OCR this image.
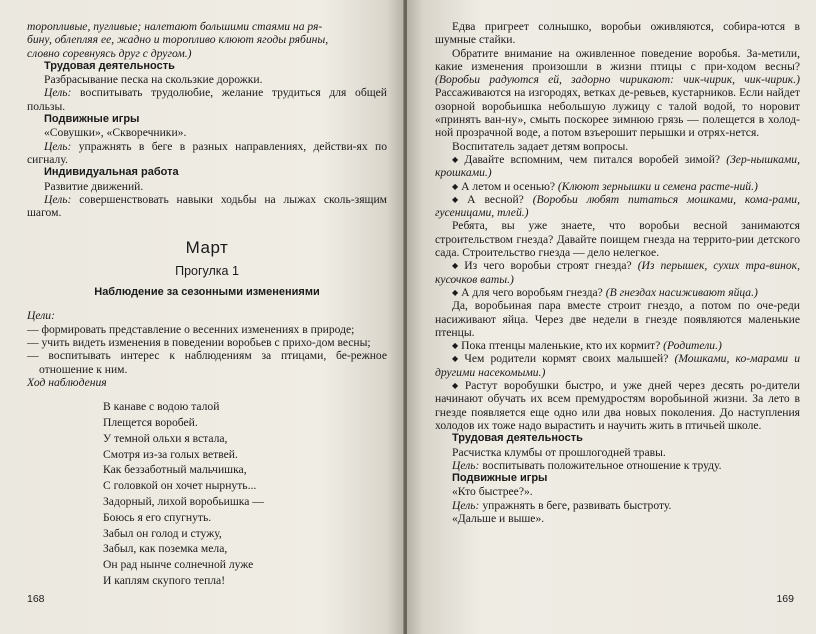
торопливые, пугливые; налетают большими стаями на ря-

бину, облепляя ее, жадно и торопливо клюют ягоды рябины,

словно соревнуясь друг с другом.)

Трудовая деятельность

Разбрасывание песка на скользкие дорожки.

Цель: воспитывать трудолюбие, желание трудиться для общей пользы.

Подвижные игры

«Совушки», «Скворечники».

Цель: упражнять в беге в разных направлениях, действи-ях по сигналу.

Индивидуальная работа

Развитие движений.

Цель: совершенствовать навыки ходьбы на лыжах сколь-зящим шагом.

Март
Прогулка 1
Наблюдение за сезонными изменениями

Цели:

— формировать представление о весенних изменениях в природе;

— учить видеть изменения в поведении воробьев с прихо-дом весны;

— воспитывать интерес к наблюдениям за птицами, бе-режное отношение к ним.

Ход наблюдения

В канаве с водою талой
Плещется воробей.
У темной ольхи я встала,
Смотря из-за голых ветвей.
Как беззаботный мальчишка,
С головкой он хочет нырнуть...
Задорный, лихой воробьишка —
Боюсь я его спугнуть.
Забыл он голод и стужу,
Забыл, как поземка мела,
Он рад нынче солнечной луже
И каплям скупого тепла!
168

Едва пригреет солнышко, воробьи оживляются, собира-ются в шумные стайки.

Обратите внимание на оживленное поведение воробья. За-метили, какие изменения произошли в жизни птицы с при-ходом весны? (Воробьи радуются ей, задорно чирикают: чик-чирик, чик-чирик.) Рассаживаются на изгородях, ветках де-ревьев, кустарников. Если найдет озорной воробьишка небольшую лужицу с талой водой, то норовит «принять ван-ну», смыть поскорее зимнюю грязь — полещется в холод-ной прозрачной воде, а потом взъерошит перышки и отрях-нется.

Воспитатель задает детям вопросы.

◆ Давайте вспомним, чем питался воробей зимой? (Зер-нышками, крошками.)

◆ А летом и осенью? (Клюют зернышки и семена расте-ний.)

◆ А весной? (Воробьи любят питаться мошками, кома-рами, гусеницами, тлей.)

Ребята, вы уже знаете, что воробьи весной занимаются строительством гнезда? Давайте поищем гнезда на террито-рии детского сада. Строительство гнезда — дело нелегкое.

◆ Из чего воробьи строят гнезда? (Из перышек, сухих тра-винок, кусочков ваты.)

◆ А для чего воробьям гнезда? (В гнездах насиживают яйца.)

Да, воробьиная пара вместе строит гнездо, а потом по оче-реди насиживают яйца. Через две недели в гнезде появляются маленькие птенцы.

◆ Пока птенцы маленькие, кто их кормит? (Родители.)

◆ Чем родители кормят своих малышей? (Мошками, ко-марами и другими насекомыми.)

◆ Растут воробушки быстро, и уже дней через десять ро-дители начинают обучать их всем премудростям воробьиной жизни. За лето в гнезде появляется еще одно или два новых поколения. До наступления холодов их тоже надо вырастить и научить жить в птичьей школе.

Трудовая деятельность

Расчистка клумбы от прошлогодней травы.

Цель: воспитывать положительное отношение к труду.

Подвижные игры

«Кто быстрее?».

Цель: упражнять в беге, развивать быстроту.

«Дальше и выше».

169
